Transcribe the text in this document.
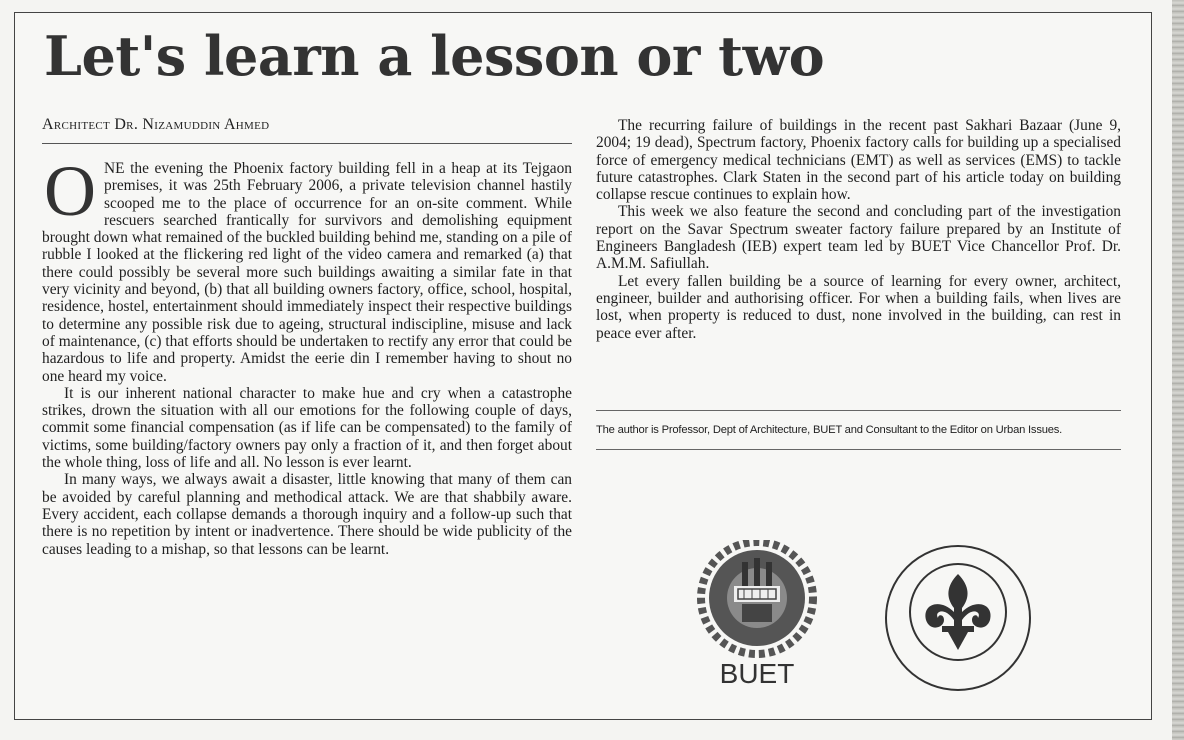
Let's learn a lesson or two
Architect Dr. Nizamuddin Ahmed

ONE the evening the Phoenix factory building fell in a heap at its Tejgaon premises, it was 25th February 2006, a private television channel hastily scooped me to the place of occurrence for an on-site comment. While rescuers searched frantically for survivors and demolishing equipment brought down what remained of the buckled building behind me, standing on a pile of rubble I looked at the flickering red light of the video camera and remarked (a) that there could possibly be several more such buildings awaiting a similar fate in that very vicinity and beyond, (b) that all building owners factory, office, school, hospital, residence, hostel, entertainment should immediately inspect their respective buildings to determine any possible risk due to ageing, structural indiscipline, misuse and lack of maintenance, (c) that efforts should be undertaken to rectify any error that could be hazardous to life and property. Amidst the eerie din I remember having to shout no one heard my voice.

It is our inherent national character to make hue and cry when a catastrophe strikes, drown the situation with all our emotions for the following couple of days, commit some financial compensation (as if life can be compensated) to the family of victims, some building/factory owners pay only a fraction of it, and then forget about the whole thing, loss of life and all. No lesson is ever learnt.

In many ways, we always await a disaster, little knowing that many of them can be avoided by careful planning and methodical attack. We are that shabbily aware. Every accident, each collapse demands a thorough inquiry and a follow-up such that there is no repetition by intent or inadvertence. There should be wide publicity of the causes leading to a mishap, so that lessons can be learnt.

The recurring failure of buildings in the recent past Sakhari Bazaar (June 9, 2004; 19 dead), Spectrum factory, Phoenix factory calls for building up a specialised force of emergency medical technicians (EMT) as well as services (EMS) to tackle future catastrophes. Clark Staten in the second part of his article today on building collapse rescue continues to explain how.

This week we also feature the second and concluding part of the investigation report on the Savar Spectrum sweater factory failure prepared by an Institute of Engineers Bangladesh (IEB) expert team led by BUET Vice Chancellor Prof. Dr. A.M.M. Safiullah.

Let every fallen building be a source of learning for every owner, architect, engineer, builder and authorising officer. For when a building fails, when lives are lost, when property is reduced to dust, none involved in the building, can rest in peace ever after.

The author is Professor, Dept of Architecture, BUET and Consultant to the Editor on Urban Issues.
BUET
